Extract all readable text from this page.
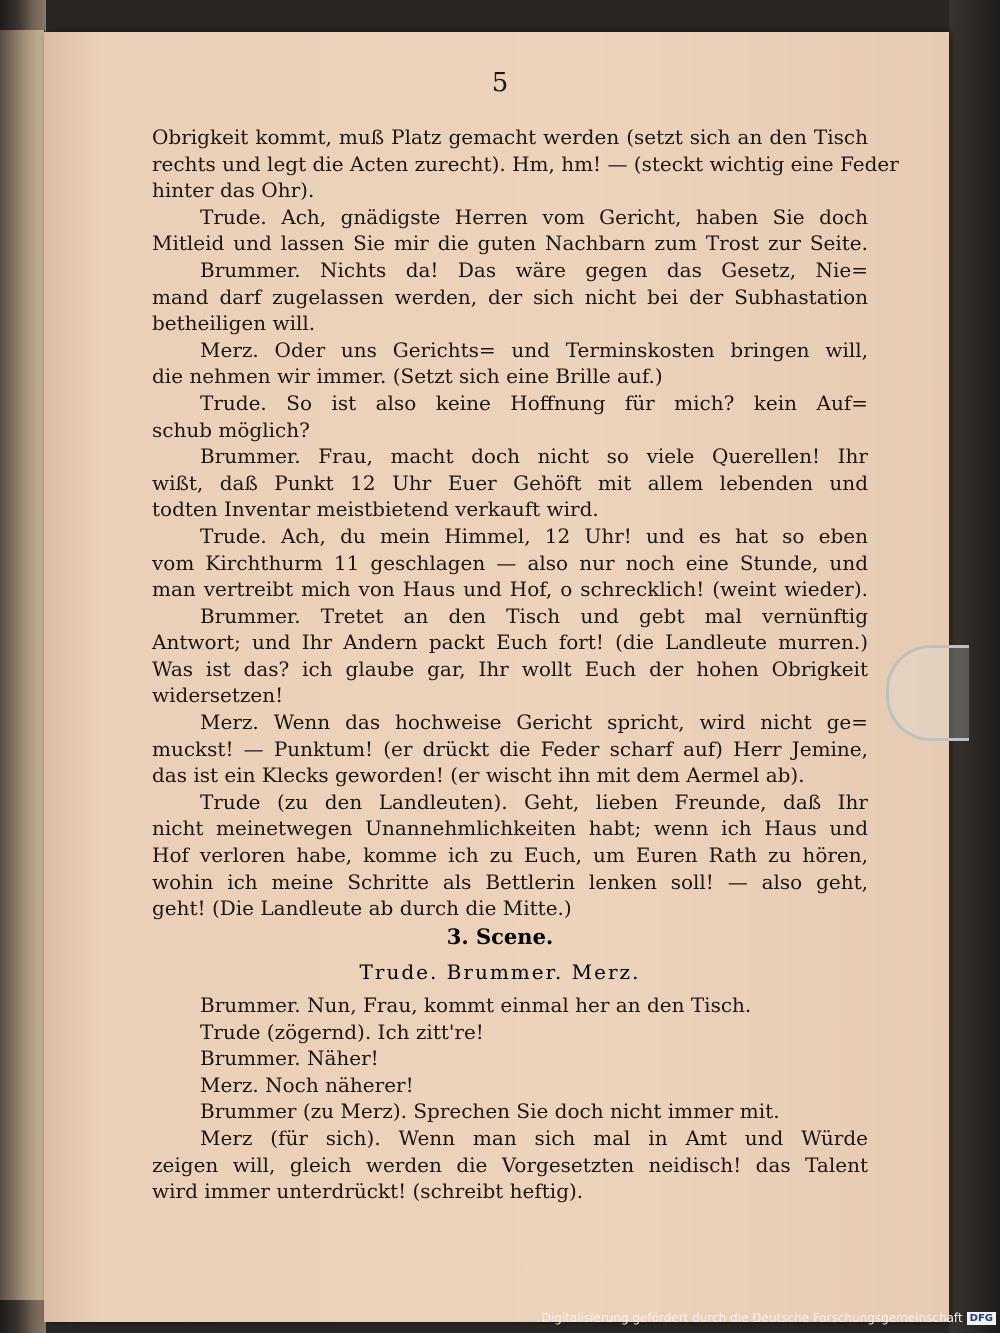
5
Obrigkeit kommt, muß Platz gemacht werden (setzt sich an den Tisch
rechts und legt die Acten zurecht). Hm, hm! — (steckt wichtig eine Feder
hinter das Ohr).
Trude. Ach, gnädigste Herren vom Gericht, haben Sie doch
Mitleid und lassen Sie mir die guten Nachbarn zum Trost zur Seite.
Brummer. Nichts da! Das wäre gegen das Gesetz, Nie=
mand darf zugelassen werden, der sich nicht bei der Subhastation
betheiligen will.
Merz. Oder uns Gerichts= und Terminskosten bringen will,
die nehmen wir immer. (Setzt sich eine Brille auf.)
Trude. So ist also keine Hoffnung für mich? kein Auf=
schub möglich?
Brummer. Frau, macht doch nicht so viele Querellen! Ihr
wißt, daß Punkt 12 Uhr Euer Gehöft mit allem lebenden und
todten Inventar meistbietend verkauft wird.
Trude. Ach, du mein Himmel, 12 Uhr! und es hat so eben
vom Kirchthurm 11 geschlagen — also nur noch eine Stunde, und
man vertreibt mich von Haus und Hof, o schrecklich! (weint wieder).
Brummer. Tretet an den Tisch und gebt mal vernünftig
Antwort; und Ihr Andern packt Euch fort! (die Landleute murren.)
Was ist das? ich glaube gar, Ihr wollt Euch der hohen Obrigkeit
widersetzen!
Merz. Wenn das hochweise Gericht spricht, wird nicht ge=
muckst! — Punktum! (er drückt die Feder scharf auf) Herr Jemine,
das ist ein Klecks geworden! (er wischt ihn mit dem Aermel ab).
Trude (zu den Landleuten). Geht, lieben Freunde, daß Ihr
nicht meinetwegen Unannehmlichkeiten habt; wenn ich Haus und
Hof verloren habe, komme ich zu Euch, um Euren Rath zu hören,
wohin ich meine Schritte als Bettlerin lenken soll! — also geht,
geht! (Die Landleute ab durch die Mitte.)
3. Scene.
Trude. Brummer. Merz.
Brummer. Nun, Frau, kommt einmal her an den Tisch.
Trude (zögernd). Ich zitt're!
Brummer. Näher!
Merz. Noch näherer!
Brummer (zu Merz). Sprechen Sie doch nicht immer mit.
Merz (für sich). Wenn man sich mal in Amt und Würde
zeigen will, gleich werden die Vorgesetzten neidisch! das Talent
wird immer unterdrückt! (schreibt heftig).
Digitalisierung gefördert durch die Deutsche Forschungsgemeinschaft DFG
